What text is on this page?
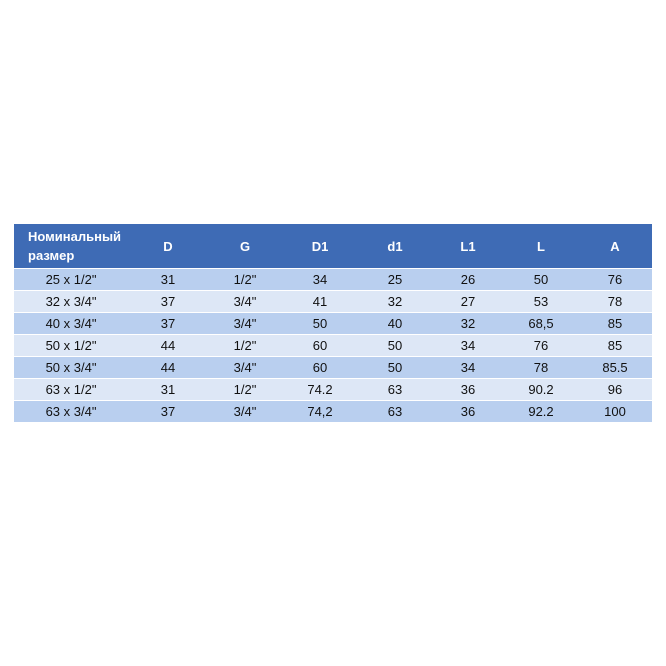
Номинальный размер	D	G	D1	d1	L1	L	A
25 x 1/2"	31	1/2"	34	25	26	50	76
32 x 3/4"	37	3/4"	41	32	27	53	78
40 x 3/4"	37	3/4"	50	40	32	68,5	85
50 x 1/2"	44	1/2"	60	50	34	76	85
50 x 3/4"	44	3/4"	60	50	34	78	85.5
63 x 1/2"	31	1/2"	74.2	63	36	90.2	96
63 x 3/4"	37	3/4"	74,2	63	36	92.2	100
